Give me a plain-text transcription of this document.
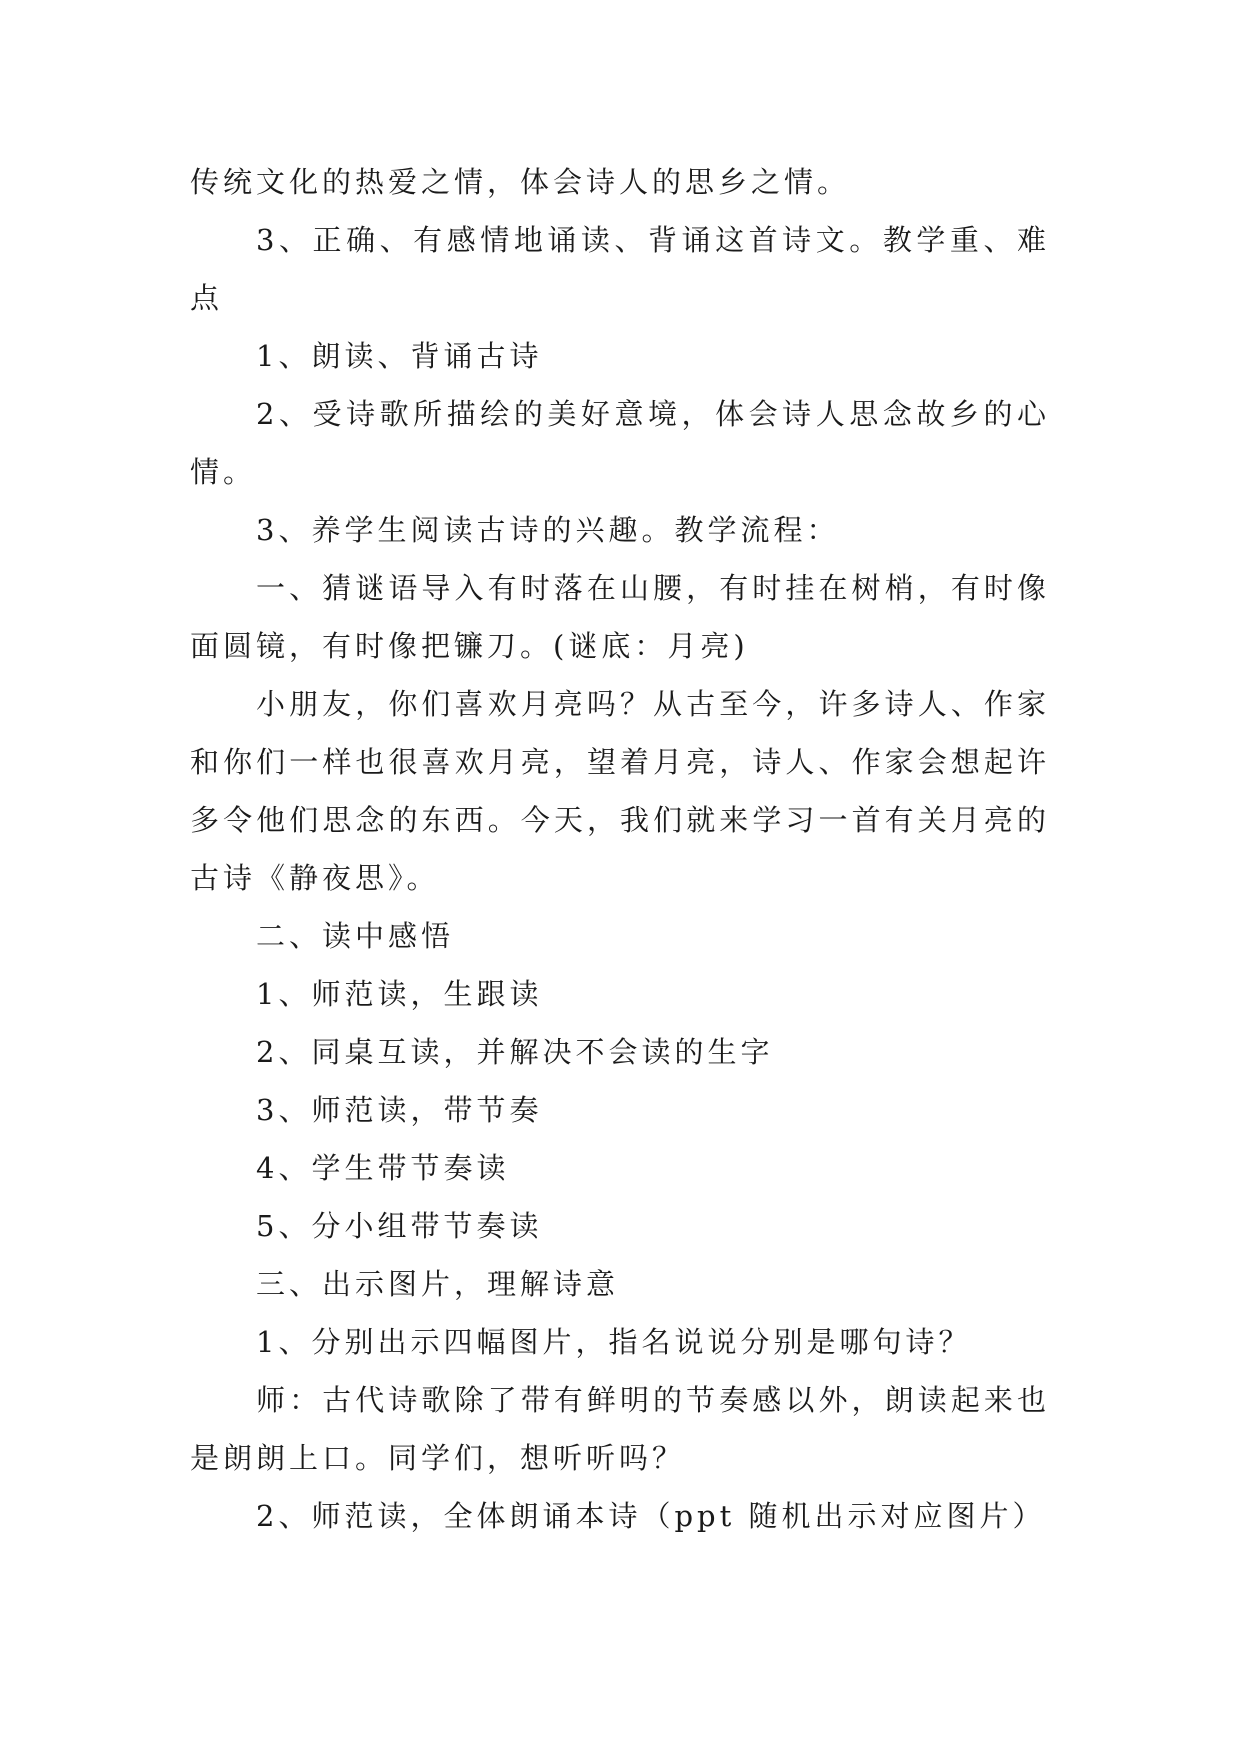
传统文化的热爱之情，体会诗人的思乡之情。

3、正确、有感情地诵读、背诵这首诗文。教学重、难点

1、朗读、背诵古诗

2、受诗歌所描绘的美好意境，体会诗人思念故乡的心情。

3、养学生阅读古诗的兴趣。教学流程：

一、猜谜语导入有时落在山腰，有时挂在树梢，有时像面圆镜，有时像把镰刀。(谜底：月亮)

小朋友，你们喜欢月亮吗？从古至今，许多诗人、作家和你们一样也很喜欢月亮，望着月亮，诗人、作家会想起许多令他们思念的东西。今天，我们就来学习一首有关月亮的古诗《静夜思》。

二、读中感悟

1、师范读，生跟读

2、同桌互读，并解决不会读的生字

3、师范读，带节奏

4、学生带节奏读

5、分小组带节奏读

三、出示图片，理解诗意

1、分别出示四幅图片，指名说说分别是哪句诗？

师：古代诗歌除了带有鲜明的节奏感以外，朗读起来也是朗朗上口。同学们，想听听吗？

2、师范读，全体朗诵本诗（ppt 随机出示对应图片）
